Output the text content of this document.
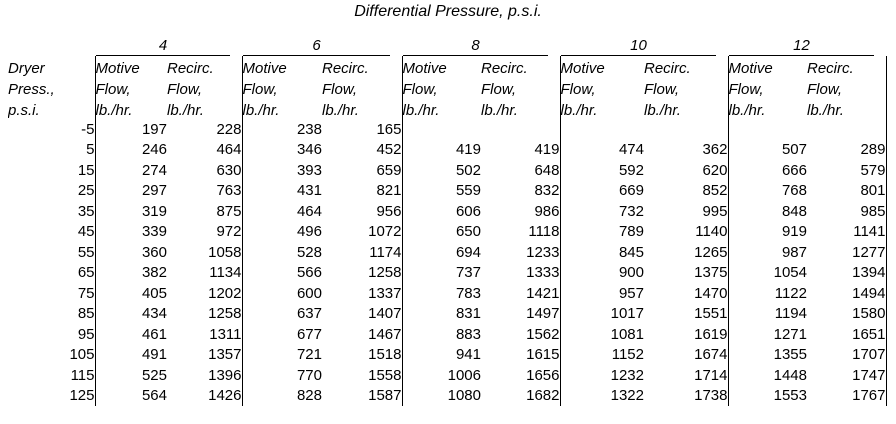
Differential Pressure, p.s.i.

	4		6		8		10		12	

Dryer	Motive	Recirc.	Motive	Recirc.	Motive	Recirc.	Motive	Recirc.	Motive	Recirc.
Press.,	Flow,	Flow,	Flow,	Flow,	Flow,	Flow,	Flow,	Flow,	Flow,	Flow,
p.s.i.	lb./hr.	lb./hr.	lb./hr.	lb./hr.	lb./hr.	lb./hr.	lb./hr.	lb./hr.	lb./hr.	lb./hr.
-5	197	228	238	165						
5	246	464	346	452	419	419	474	362	507	289
15	274	630	393	659	502	648	592	620	666	579
25	297	763	431	821	559	832	669	852	768	801
35	319	875	464	956	606	986	732	995	848	985
45	339	972	496	1072	650	1118	789	1140	919	1141
55	360	1058	528	1174	694	1233	845	1265	987	1277
65	382	1134	566	1258	737	1333	900	1375	1054	1394
75	405	1202	600	1337	783	1421	957	1470	1122	1494
85	434	1258	637	1407	831	1497	1017	1551	1194	1580
95	461	1311	677	1467	883	1562	1081	1619	1271	1651
105	491	1357	721	1518	941	1615	1152	1674	1355	1707
115	525	1396	770	1558	1006	1656	1232	1714	1448	1747
125	564	1426	828	1587	1080	1682	1322	1738	1553	1767
